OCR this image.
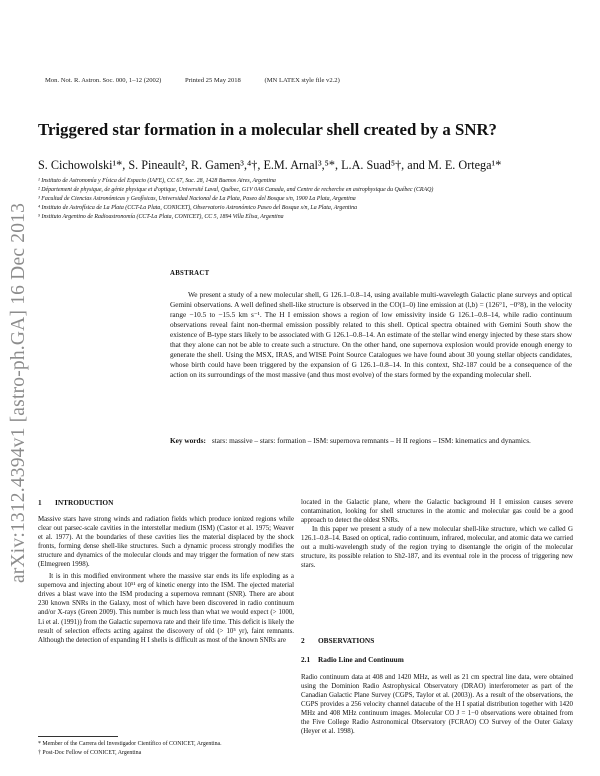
arXiv:1312.4394v1 [astro-ph.GA] 16 Dec 2013
Mon. Not. R. Astron. Soc. 000, 1–12 (2002)	Printed 25 May 2018	(MN LATEX style file v2.2)
Triggered star formation in a molecular shell created by a SNR?
S. Cichowolski¹*, S. Pineault², R. Gamen³,⁴†, E.M. Arnal³,⁵*, L.A. Suad⁵†, and M. E. Ortega¹*
¹ Instituto de Astronomía y Física del Espacio (IAFE), CC 67, Suc. 28, 1428 Buenos Aires, Argentina
² Département de physique, de génie physique et d'optique, Université Laval, Québec, G1V 0A6 Canada, and Centre de recherche en astrophysique du Québec (CRAQ)
³ Facultad de Ciencias Astronómicas y Geofísicas, Universidad Nacional de La Plata, Paseo del Bosque s/n, 1900 La Plata, Argentina
⁴ Instituto de Astrofísica de La Plata (CCT-La Plata, CONICET), Observatorio Astronómico Paseo del Bosque s/n, La Plata, Argentina
⁵ Instituto Argentino de Radioastronomía (CCT-La Plata, CONICET), CC 5, 1894 Villa Elisa, Argentina
ABSTRACT
We present a study of a new molecular shell, G 126.1–0.8–14, using available multi-wavelegth Galactic plane surveys and optical Gemini observations. A well defined shell-like structure is observed in the CO(1–0) line emission at (l,b) = (126°1, −0°8), in the velocity range −10.5 to −15.5 km s⁻¹. The H I emission shows a region of low emissivity inside G 126.1–0.8–14, while radio continuum observations reveal faint non-thermal emission possibly related to this shell. Optical spectra obtained with Gemini South show the existence of B-type stars likely to be associated with G 126.1–0.8–14. An estimate of the stellar wind energy injected by these stars show that they alone can not be able to create such a structure. On the other hand, one supernova explosion would provide enough energy to generate the shell. Using the MSX, IRAS, and WISE Point Source Catalogues we have found about 30 young stellar objects candidates, whose birth could have been triggered by the expansion of G 126.1–0.8–14. In this context, Sh2-187 could be a consequence of the action on its surroundings of the most massive (and thus most evolve) of the stars formed by the expanding molecular shell.
Key words: stars: massive – stars: formation – ISM: supernova remnants – H II regions – ISM: kinematics and dynamics.
1 INTRODUCTION

Massive stars have strong winds and radiation fields which produce ionized regions while clear out parsec-scale cavities in the interstellar medium (ISM) (Castor et al. 1975; Weaver et al. 1977). At the boundaries of these cavities lies the material displaced by the shock fronts, forming dense shell-like structures. Such a dynamic process strongly modifies the structure and dynamics of the molecular clouds and may trigger the formation of new stars (Elmegreen 1998).

It is in this modified environment where the massive star ends its life exploding as a supernova and injecting about 10⁵¹ erg of kinetic energy into the ISM. The ejected material drives a blast wave into the ISM producing a supernova remnant (SNR). There are about 230 known SNRs in the Galaxy, most of which have been discovered in radio continuum and/or X-rays (Green 2009). This number is much less than what we would expect (> 1000, Li et al. (1991)) from the Galactic supernova rate and their life time. This deficit is likely the result of selection effects acting against the discovery of old (> 10⁵ yr), faint remnants. Although the detection of expanding H I shells is difficult as most of the known SNRs are

* Member of the Carrera del Investigador Científico of CONICET, Argentina.
† Post-Doc Fellow of CONICET, Argentina

located in the Galactic plane, where the Galactic background H I emission causes severe contamination, looking for shell structures in the atomic and molecular gas could be a good approach to detect the oldest SNRs.

In this paper we present a study of a new molecular shell-like structure, which we called G 126.1–0.8–14. Based on optical, radio continuum, infrared, molecular, and atomic data we carried out a multi-wavelength study of the region trying to disentangle the origin of the molecular structure, its possible relation to Sh2-187, and its eventual role in the process of triggering new stars.

2 OBSERVATIONS
2.1 Radio Line and Continuum

Radio continuum data at 408 and 1420 MHz, as well as 21 cm spectral line data, were obtained using the Dominion Radio Astrophysical Observatory (DRAO) interferometer as part of the Canadian Galactic Plane Survey (CGPS, Taylor et al. (2003)). As a result of the observations, the CGPS provides a 256 velocity channel datacube of the H I spatial distribution together with 1420 MHz and 408 MHz continuum images. Molecular CO J = 1−0 observations were obtained from the Five College Radio Astronomical Observatory (FCRAO) CO Survey of the Outer Galaxy (Heyer et al. 1998).
